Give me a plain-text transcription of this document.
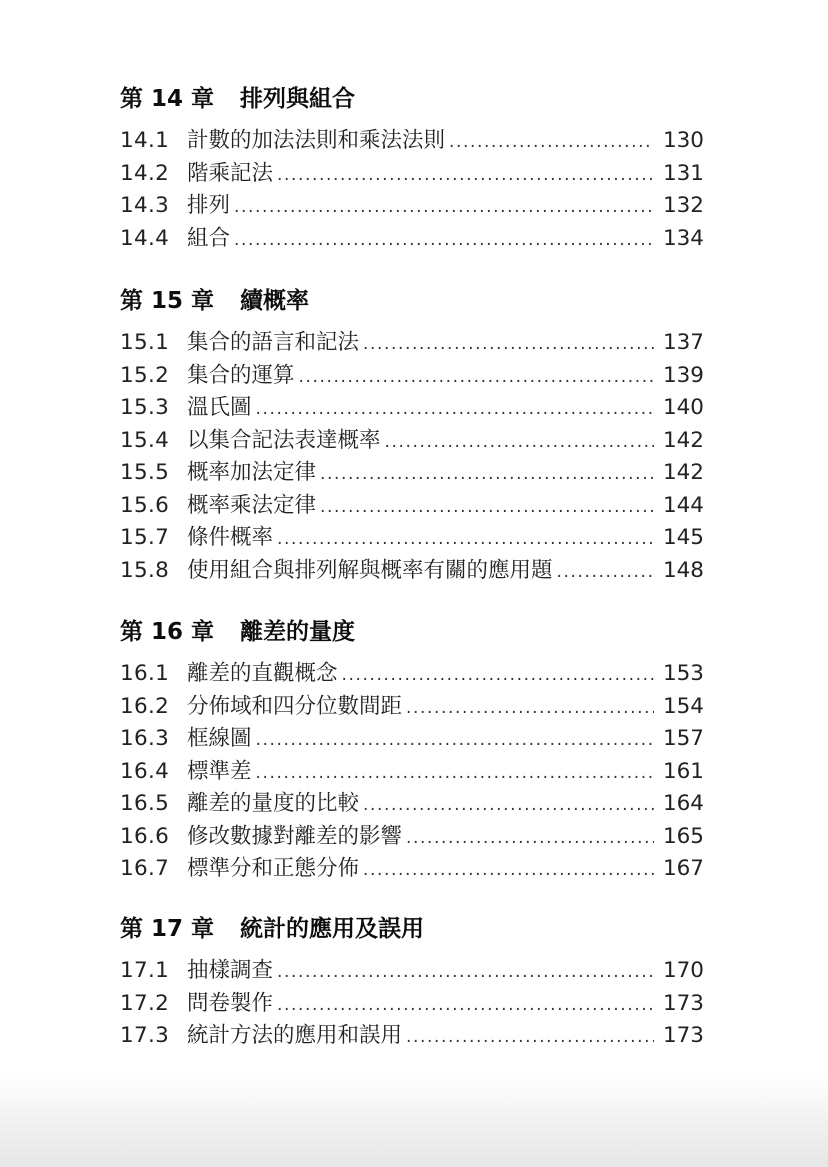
第 14 章 排列與組合
14.1 計數的加法法則和乘法法則 .....	130
14.2 階乘記法 .....	131
14.3 排列 .....	132
14.4 組合 .....	134
第 15 章 續概率
15.1 集合的語言和記法 .....	137
15.2 集合的運算 .....	139
15.3 溫氏圖 .....	140
15.4 以集合記法表達概率 .....	142
15.5 概率加法定律 .....	142
15.6 概率乘法定律 .....	144
15.7 條件概率 .....	145
15.8 使用組合與排列解與概率有關的應用題 .....	148
第 16 章 離差的量度
16.1 離差的直觀概念 .....	153
16.2 分佈域和四分位數間距 .....	154
16.3 框線圖 .....	157
16.4 標準差 .....	161
16.5 離差的量度的比較 .....	164
16.6 修改數據對離差的影響 .....	165
16.7 標準分和正態分佈 .....	167
第 17 章 統計的應用及誤用
17.1 抽樣調查 .....	170
17.2 問卷製作 .....	173
17.3 統計方法的應用和誤用 .....	173
